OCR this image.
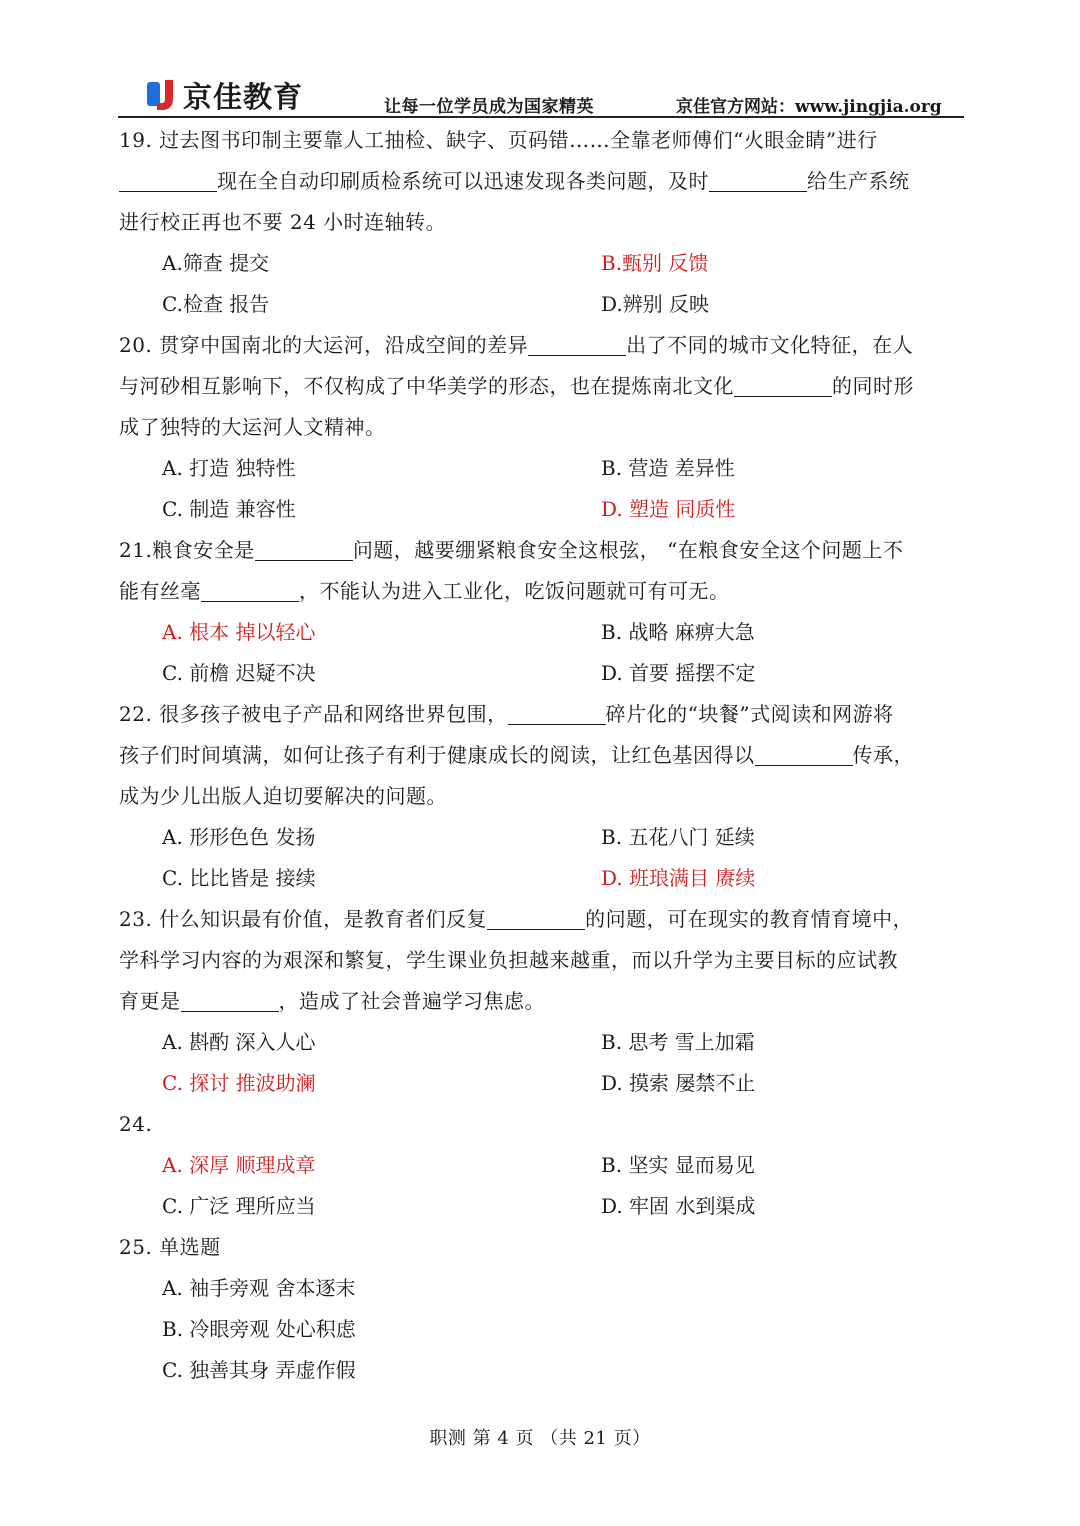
京佳教育	让每一位学员成为国家精英	京佳官方网站：www.jingjia.org
19. 过去图书印制主要靠人工抽检、缺字、页码错……全靠老师傅们“火眼金睛”进行
现在全自动印刷质检系统可以迅速发现各类问题，及时	给生产系统
进行校正再也不要 24 小时连轴转。
A.筛查 提交	B.甄别 反馈
C.检查 报告	D.辨别 反映
20. 贯穿中国南北的大运河，沿成空间的差异	出了不同的城市文化特征，在人
与河砂相互影响下，不仅构成了中华美学的形态，也在提炼南北文化	的同时形
成了独特的大运河人文精神。
A. 打造 独特性	B. 营造 差异性
C. 制造 兼容性	D. 塑造 同质性
21.粮食安全是	问题，越要绷紧粮食安全这根弦， “在粮食安全这个问题上不
能有丝毫	，不能认为进入工业化，吃饭问题就可有可无。
A. 根本 掉以轻心	B. 战略 麻痹大急
C. 前檐 迟疑不决	D. 首要 摇摆不定
22. 很多孩子被电子产品和网络世界包围，	碎片化的“块餐”式阅读和网游将
孩子们时间填满，如何让孩子有利于健康成长的阅读，让红色基因得以	传承，
成为少儿出版人迫切要解决的问题。
A. 形形色色 发扬	B. 五花八门 延续
C. 比比皆是 接续	D. 班琅满目 赓续
23. 什么知识最有价值，是教育者们反复	的问题，可在现实的教育情育境中，
学科学习内容的为艰深和繁复，学生课业负担越来越重，而以升学为主要目标的应试教
育更是	，造成了社会普遍学习焦虑。
A. 斟酌 深入人心	B. 思考 雪上加霜
C. 探讨 推波助澜	D. 摸索 屡禁不止
24.
A. 深厚 顺理成章	B. 坚实 显而易见
C. 广泛 理所应当	D. 牢固 水到渠成
25. 单选题
A. 袖手旁观 舍本逐末
B. 冷眼旁观 处心积虑
C. 独善其身 弄虚作假
职测 第 4 页 （共 21 页）
